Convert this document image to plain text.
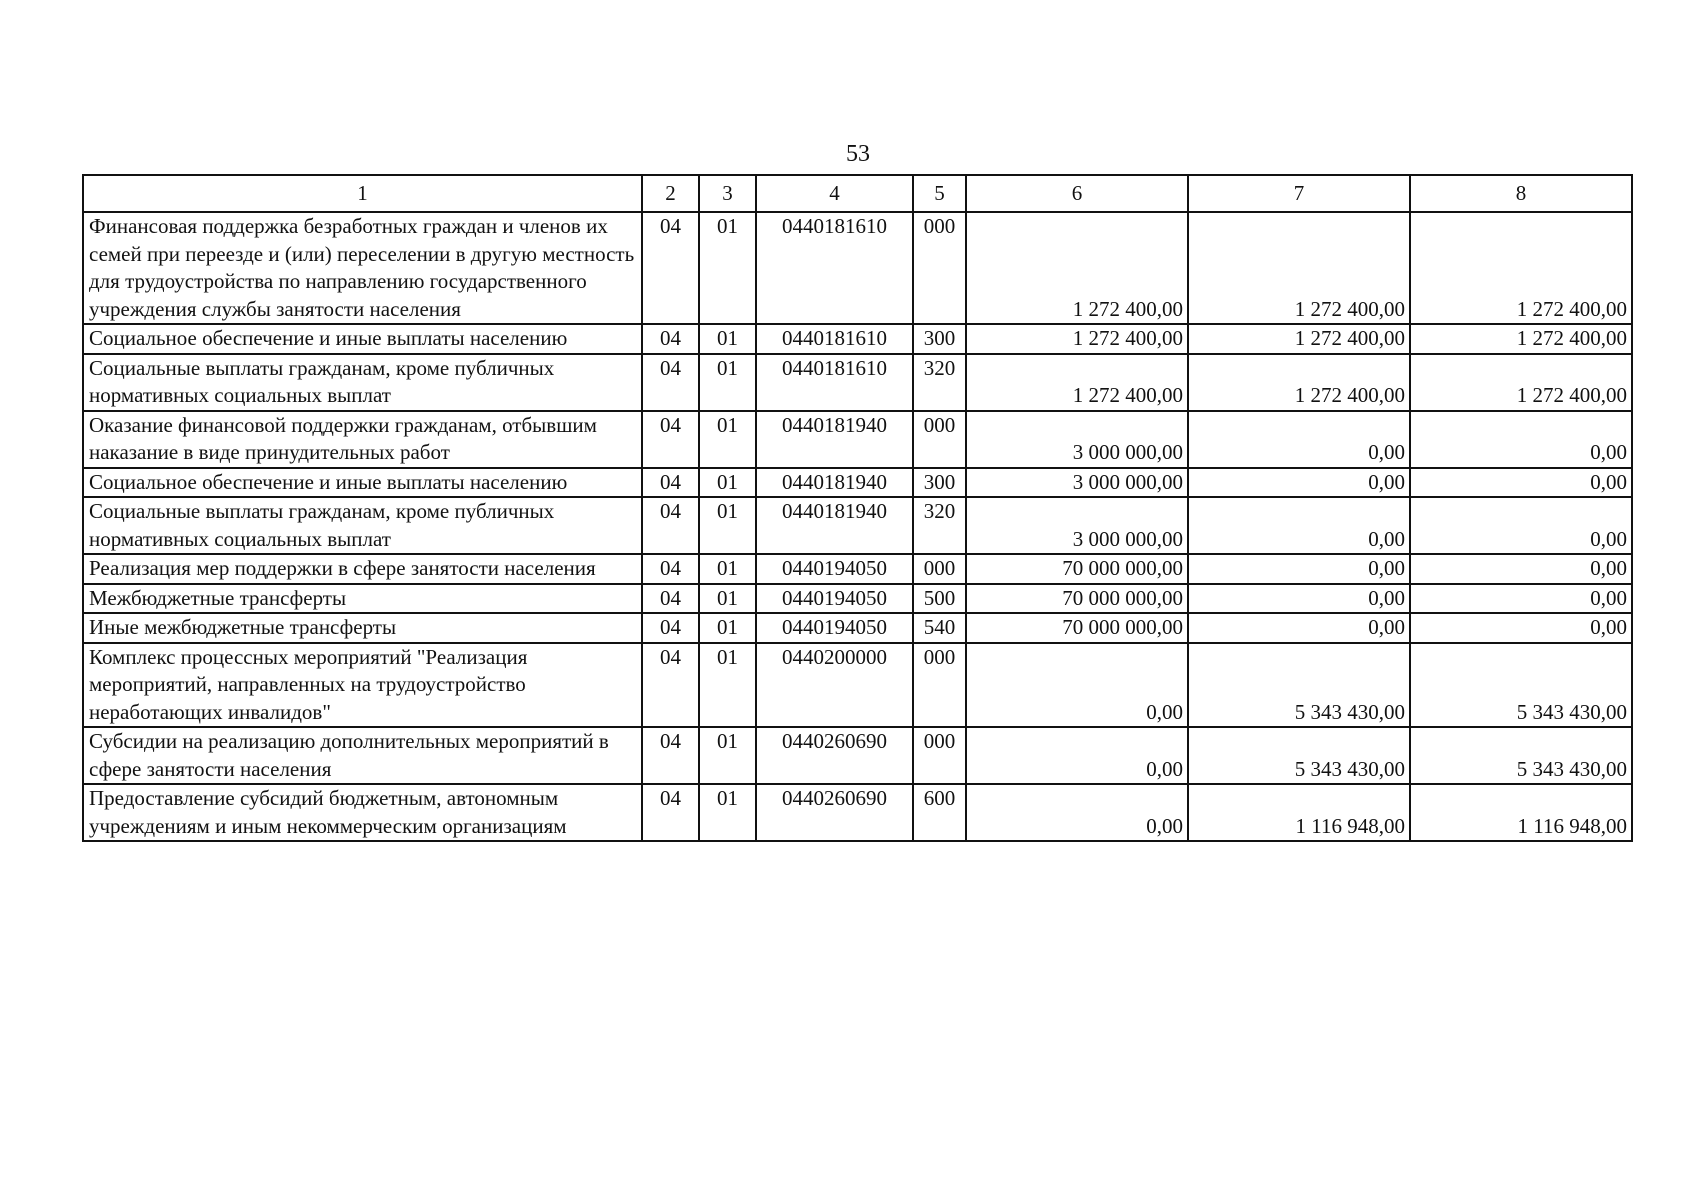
53
1	2	3	4	5	6	7	8
Финансовая поддержка безработных граждан и членов их семей при переезде и (или) переселении в другую местность для трудоустройства по направлению государственного учреждения службы занятости населения	04	01	0440181610	000	1 272 400,00	1 272 400,00	1 272 400,00
Социальное обеспечение и иные выплаты населению	04	01	0440181610	300	1 272 400,00	1 272 400,00	1 272 400,00
Социальные выплаты гражданам, кроме публичных нормативных социальных выплат	04	01	0440181610	320	1 272 400,00	1 272 400,00	1 272 400,00
Оказание финансовой поддержки гражданам, отбывшим наказание в виде принудительных работ	04	01	0440181940	000	3 000 000,00	0,00	0,00
Социальное обеспечение и иные выплаты населению	04	01	0440181940	300	3 000 000,00	0,00	0,00
Социальные выплаты гражданам, кроме публичных нормативных социальных выплат	04	01	0440181940	320	3 000 000,00	0,00	0,00
Реализация мер поддержки в сфере занятости населения	04	01	0440194050	000	70 000 000,00	0,00	0,00
Межбюджетные трансферты	04	01	0440194050	500	70 000 000,00	0,00	0,00
Иные межбюджетные трансферты	04	01	0440194050	540	70 000 000,00	0,00	0,00
Комплекс процессных мероприятий "Реализация мероприятий, направленных на трудоустройство неработающих инвалидов"	04	01	0440200000	000	0,00	5 343 430,00	5 343 430,00
Субсидии на реализацию дополнительных мероприятий в сфере занятости населения	04	01	0440260690	000	0,00	5 343 430,00	5 343 430,00
Предоставление субсидий бюджетным, автономным учреждениям и иным некоммерческим организациям	04	01	0440260690	600	0,00	1 116 948,00	1 116 948,00
